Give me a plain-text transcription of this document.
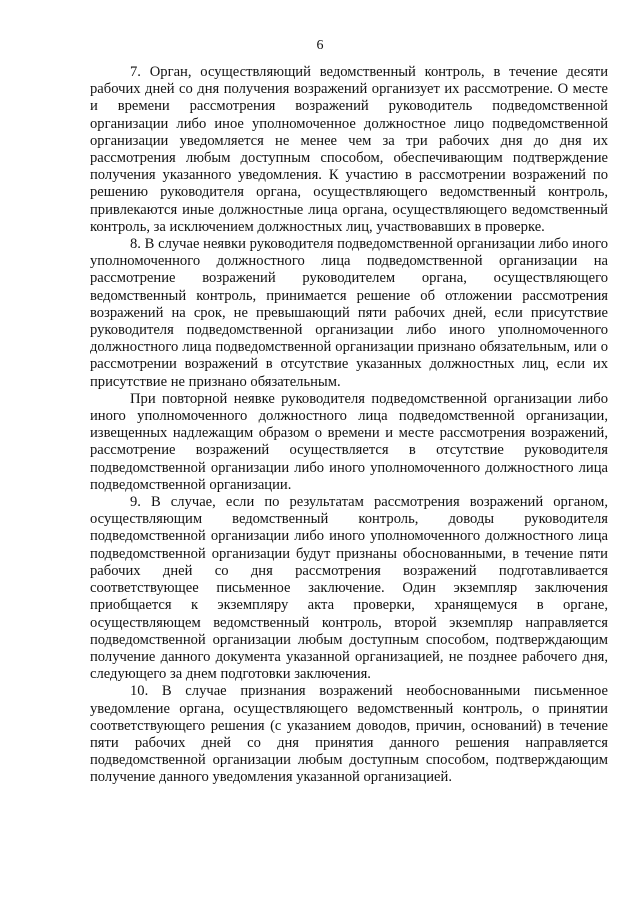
6

7. Орган, осуществляющий ведомственный контроль, в течение десяти рабочих дней со дня получения возражений организует их рассмотрение. О месте и времени рассмотрения возражений руководитель подведомственной организации либо иное уполномоченное должностное лицо подведомственной организации уведомляется не менее чем за три рабочих дня до дня их рассмотрения любым доступным способом, обеспечивающим подтверждение получения указанного уведомления. К участию в рассмотрении возражений по решению руководителя органа, осуществляющего ведомственный контроль, привлекаются иные должностные лица органа, осуществляющего ведомственный контроль, за исключением должностных лиц, участвовавших в проверке.

8. В случае неявки руководителя подведомственной организации либо иного уполномоченного должностного лица подведомственной организации на рассмотрение возражений руководителем органа, осуществляющего ведомственный контроль, принимается решение об отложении рассмотрения возражений на срок, не превышающий пяти рабочих дней, если присутствие руководителя подведомственной организации либо иного уполномоченного должностного лица подведомственной организации признано обязательным, или о рассмотрении возражений в отсутствие указанных должностных лиц, если их присутствие не признано обязательным.

При повторной неявке руководителя подведомственной организации либо иного уполномоченного должностного лица подведомственной организации, извещенных надлежащим образом о времени и месте рассмотрения возражений, рассмотрение возражений осуществляется в отсутствие руководителя подведомственной организации либо иного уполномоченного должностного лица подведомственной организации.

9. В случае, если по результатам рассмотрения возражений органом, осуществляющим ведомственный контроль, доводы руководителя подведомственной организации либо иного уполномоченного должностного лица подведомственной организации будут признаны обоснованными, в течение пяти рабочих дней со дня рассмотрения возражений подготавливается соответствующее письменное заключение. Один экземпляр заключения приобщается к экземпляру акта проверки, хранящемуся в органе, осуществляющем ведомственный контроль, второй экземпляр направляется подведомственной организации любым доступным способом, подтверждающим получение данного документа указанной организацией, не позднее рабочего дня, следующего за днем подготовки заключения.

10. В случае признания возражений необоснованными письменное уведомление органа, осуществляющего ведомственный контроль, о принятии соответствующего решения (с указанием доводов, причин, оснований) в течение пяти рабочих дней со дня принятия данного решения направляется подведомственной организации любым доступным способом, подтверждающим получение данного уведомления указанной организацией.
